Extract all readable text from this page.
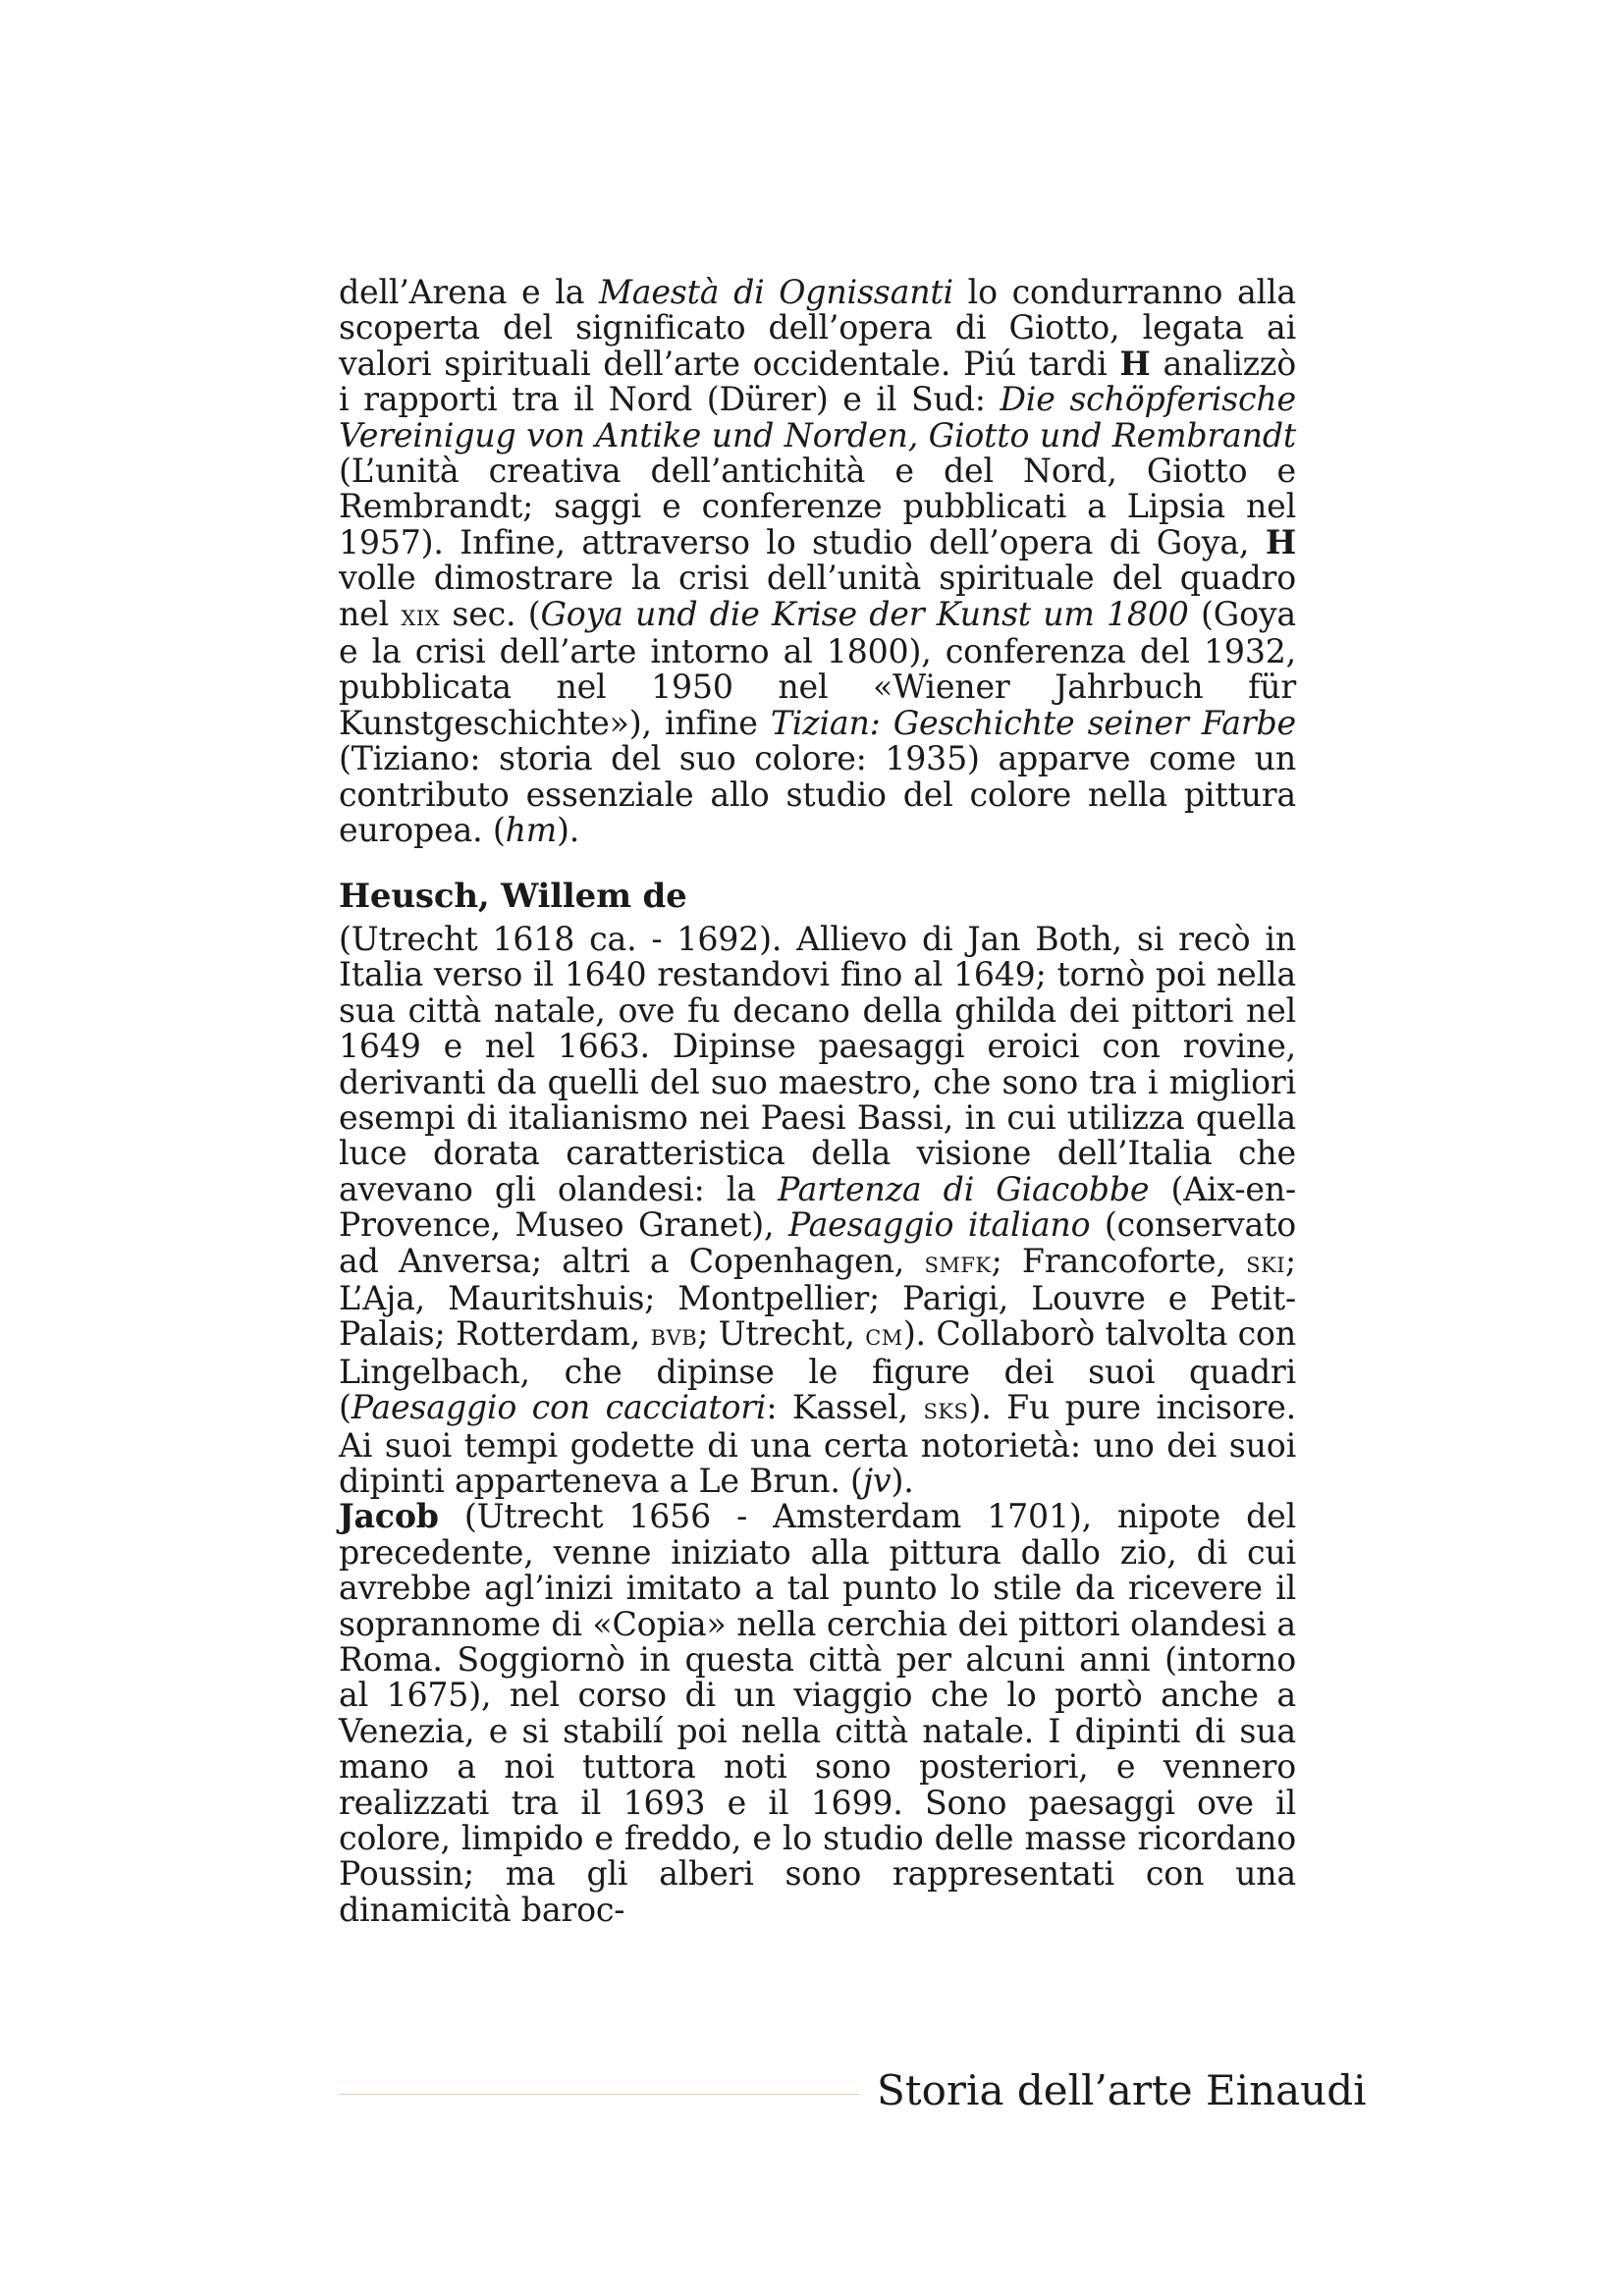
dell’Arena e la Maestà di Ognissanti lo condurranno alla scoperta del significato dell’opera di Giotto, legata ai valori spirituali dell’arte occidentale. Piú tardi H analizzò i rapporti tra il Nord (Dürer) e il Sud: Die schöpferische Vereinigug von Antike und Norden, Giotto und Rembrandt (L’unità creativa dell’antichità e del Nord, Giotto e Rembrandt; saggi e conferenze pubblicati a Lipsia nel 1957). Infine, attraverso lo studio dell’opera di Goya, H volle dimostrare la crisi dell’unità spirituale del quadro nel xix sec. (Goya und die Krise der Kunst um 1800 (Goya e la crisi dell’arte intorno al 1800), conferenza del 1932, pubblicata nel 1950 nel «Wiener Jahrbuch für Kunstgeschichte»), infine Tizian: Geschichte seiner Farbe (Tiziano: storia del suo colore: 1935) apparve come un contributo essenziale allo studio del colore nella pittura europea. (hm).

Heusch, Willem de

(Utrecht 1618 ca. - 1692). Allievo di Jan Both, si recò in Italia verso il 1640 restandovi fino al 1649; tornò poi nella sua città natale, ove fu decano della ghilda dei pittori nel 1649 e nel 1663. Dipinse paesaggi eroici con rovine, derivanti da quelli del suo maestro, che sono tra i migliori esempi di italianismo nei Paesi Bassi, in cui utilizza quella luce dorata caratteristica della visione dell’Italia che avevano gli olandesi: la Partenza di Giacobbe (Aix-en-Provence, Museo Granet), Paesaggio italiano (conservato ad Anversa; altri a Copenhagen, smfk; Francoforte, ski; L’Aja, Mauritshuis; Montpellier; Parigi, Louvre e Petit-Palais; Rotterdam, bvb; Utrecht, cm). Collaborò talvolta con Lingelbach, che dipinse le figure dei suoi quadri (Paesaggio con cacciatori: Kassel, sks). Fu pure incisore. Ai suoi tempi godette di una certa notorietà: uno dei suoi dipinti apparteneva a Le Brun. (jv).

Jacob (Utrecht 1656 - Amsterdam 1701), nipote del precedente, venne iniziato alla pittura dallo zio, di cui avrebbe agl’inizi imitato a tal punto lo stile da ricevere il soprannome di «Copia» nella cerchia dei pittori olandesi a Roma. Soggiornò in questa città per alcuni anni (intorno al 1675), nel corso di un viaggio che lo portò anche a Venezia, e si stabilí poi nella città natale. I dipinti di sua mano a noi tuttora noti sono posteriori, e vennero realizzati tra il 1693 e il 1699. Sono paesaggi ove il colore, limpido e freddo, e lo studio delle masse ricordano Poussin; ma gli alberi sono rappresentati con una dinamicità baroc-

Storia dell’arte Einaudi
